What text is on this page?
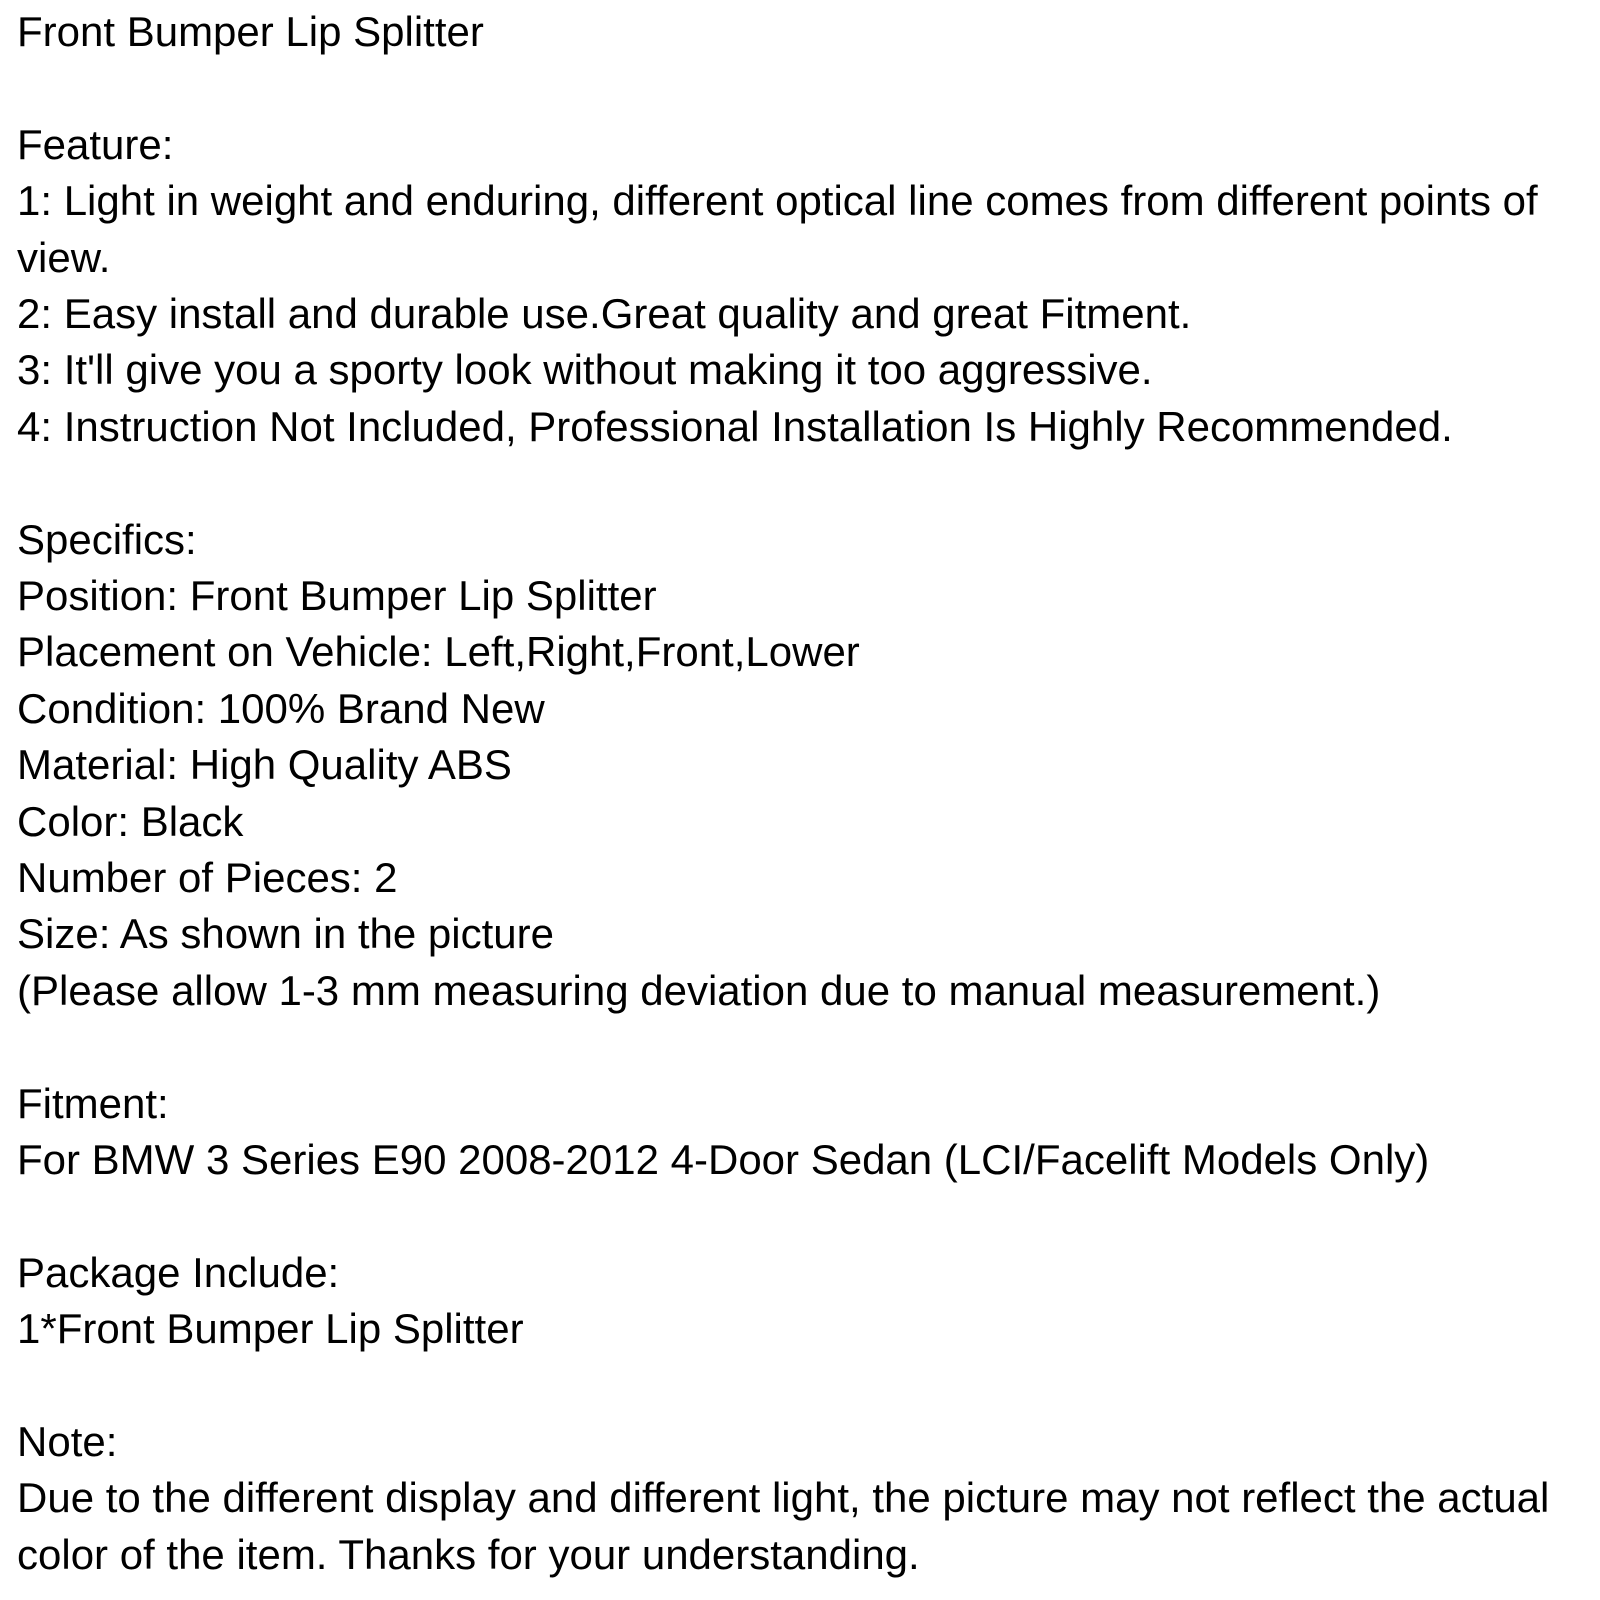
Front Bumper Lip Splitter

Feature:

1: Light in weight and enduring, different optical line comes from different points of view.

2: Easy install and durable use.Great quality and great Fitment.

3: It'll give you a sporty look without making it too aggressive.

4: Instruction Not Included, Professional Installation Is Highly Recommended.

Specifics:

Position: Front Bumper Lip Splitter

Placement on Vehicle: Left,Right,Front,Lower

Condition: 100% Brand New

Material: High Quality ABS

Color: Black

Number of Pieces: 2

Size: As shown in the picture

(Please allow 1-3 mm measuring deviation due to manual measurement.)

Fitment:

For BMW 3 Series E90 2008-2012 4-Door Sedan (LCI/Facelift Models Only)

Package Include:

1*Front Bumper Lip Splitter

Note:

Due to the different display and different light, the picture may not reflect the actual color of the item. Thanks for your understanding.
